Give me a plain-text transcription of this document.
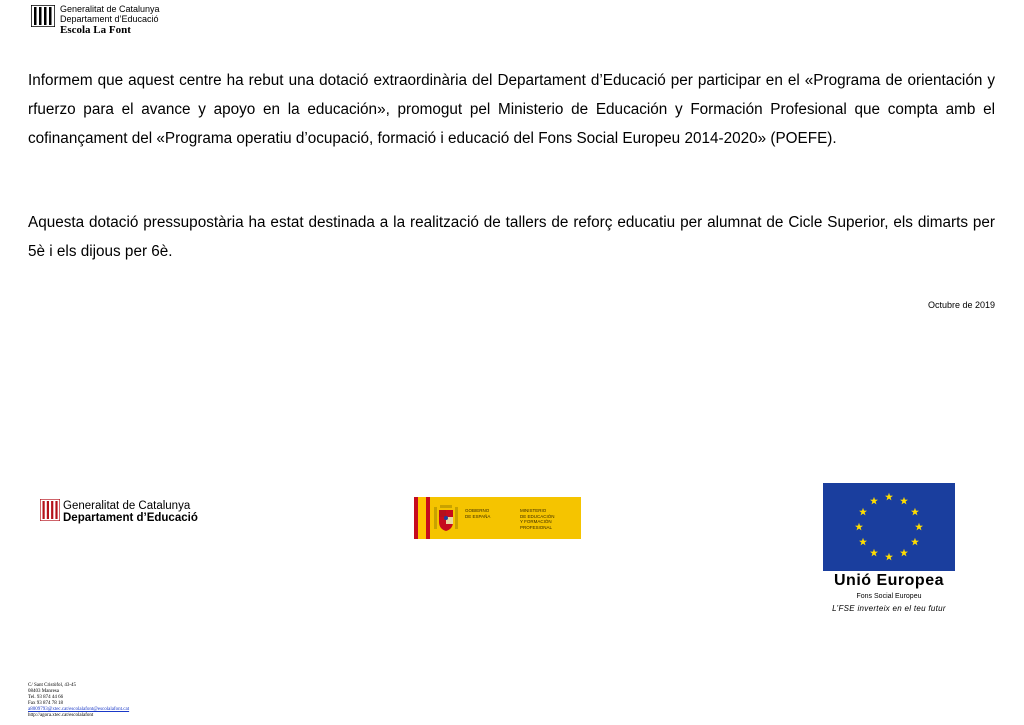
Generalitat de Catalunya
Departament d’Educació
Escola La Font
Informem que aquest centre ha rebut una dotació extraordinària del Departament d’Educació per participar en el «Programa de orientación y rfuerzo para el avance y apoyo en la educación», promogut pel Ministerio de Educación y Formación Profesional que compta amb el cofinançament del «Programa operatiu d’ocupació, formació i educació del Fons Social Europeu 2014-2020» (POEFE).
Aquesta dotació pressupostària ha estat destinada a la realització de tallers de reforç educatiu per alumnat de Cicle Superior, els dimarts per 5è i els dijous per 6è.
Octubre de 2019
Generalitat de Catalunya
Departament d’Educació
GOBIERNO
DE ESPAÑA
MINISTERIO
DE EDUCACIÓN
Y FORMACIÓN PROFESIONAL
Unió Europea
Fons Social Europeu
L’FSE inverteix en el teu futur
C/ Sant Cristòfol, 43-45
08403 Manresa
Tel. 93 874 44 66
Fax 93 874 78 18
a8009793@xtec.cat/escolalafont@escolalafont.cat
http://agora.xtec.cat/escolalafont
